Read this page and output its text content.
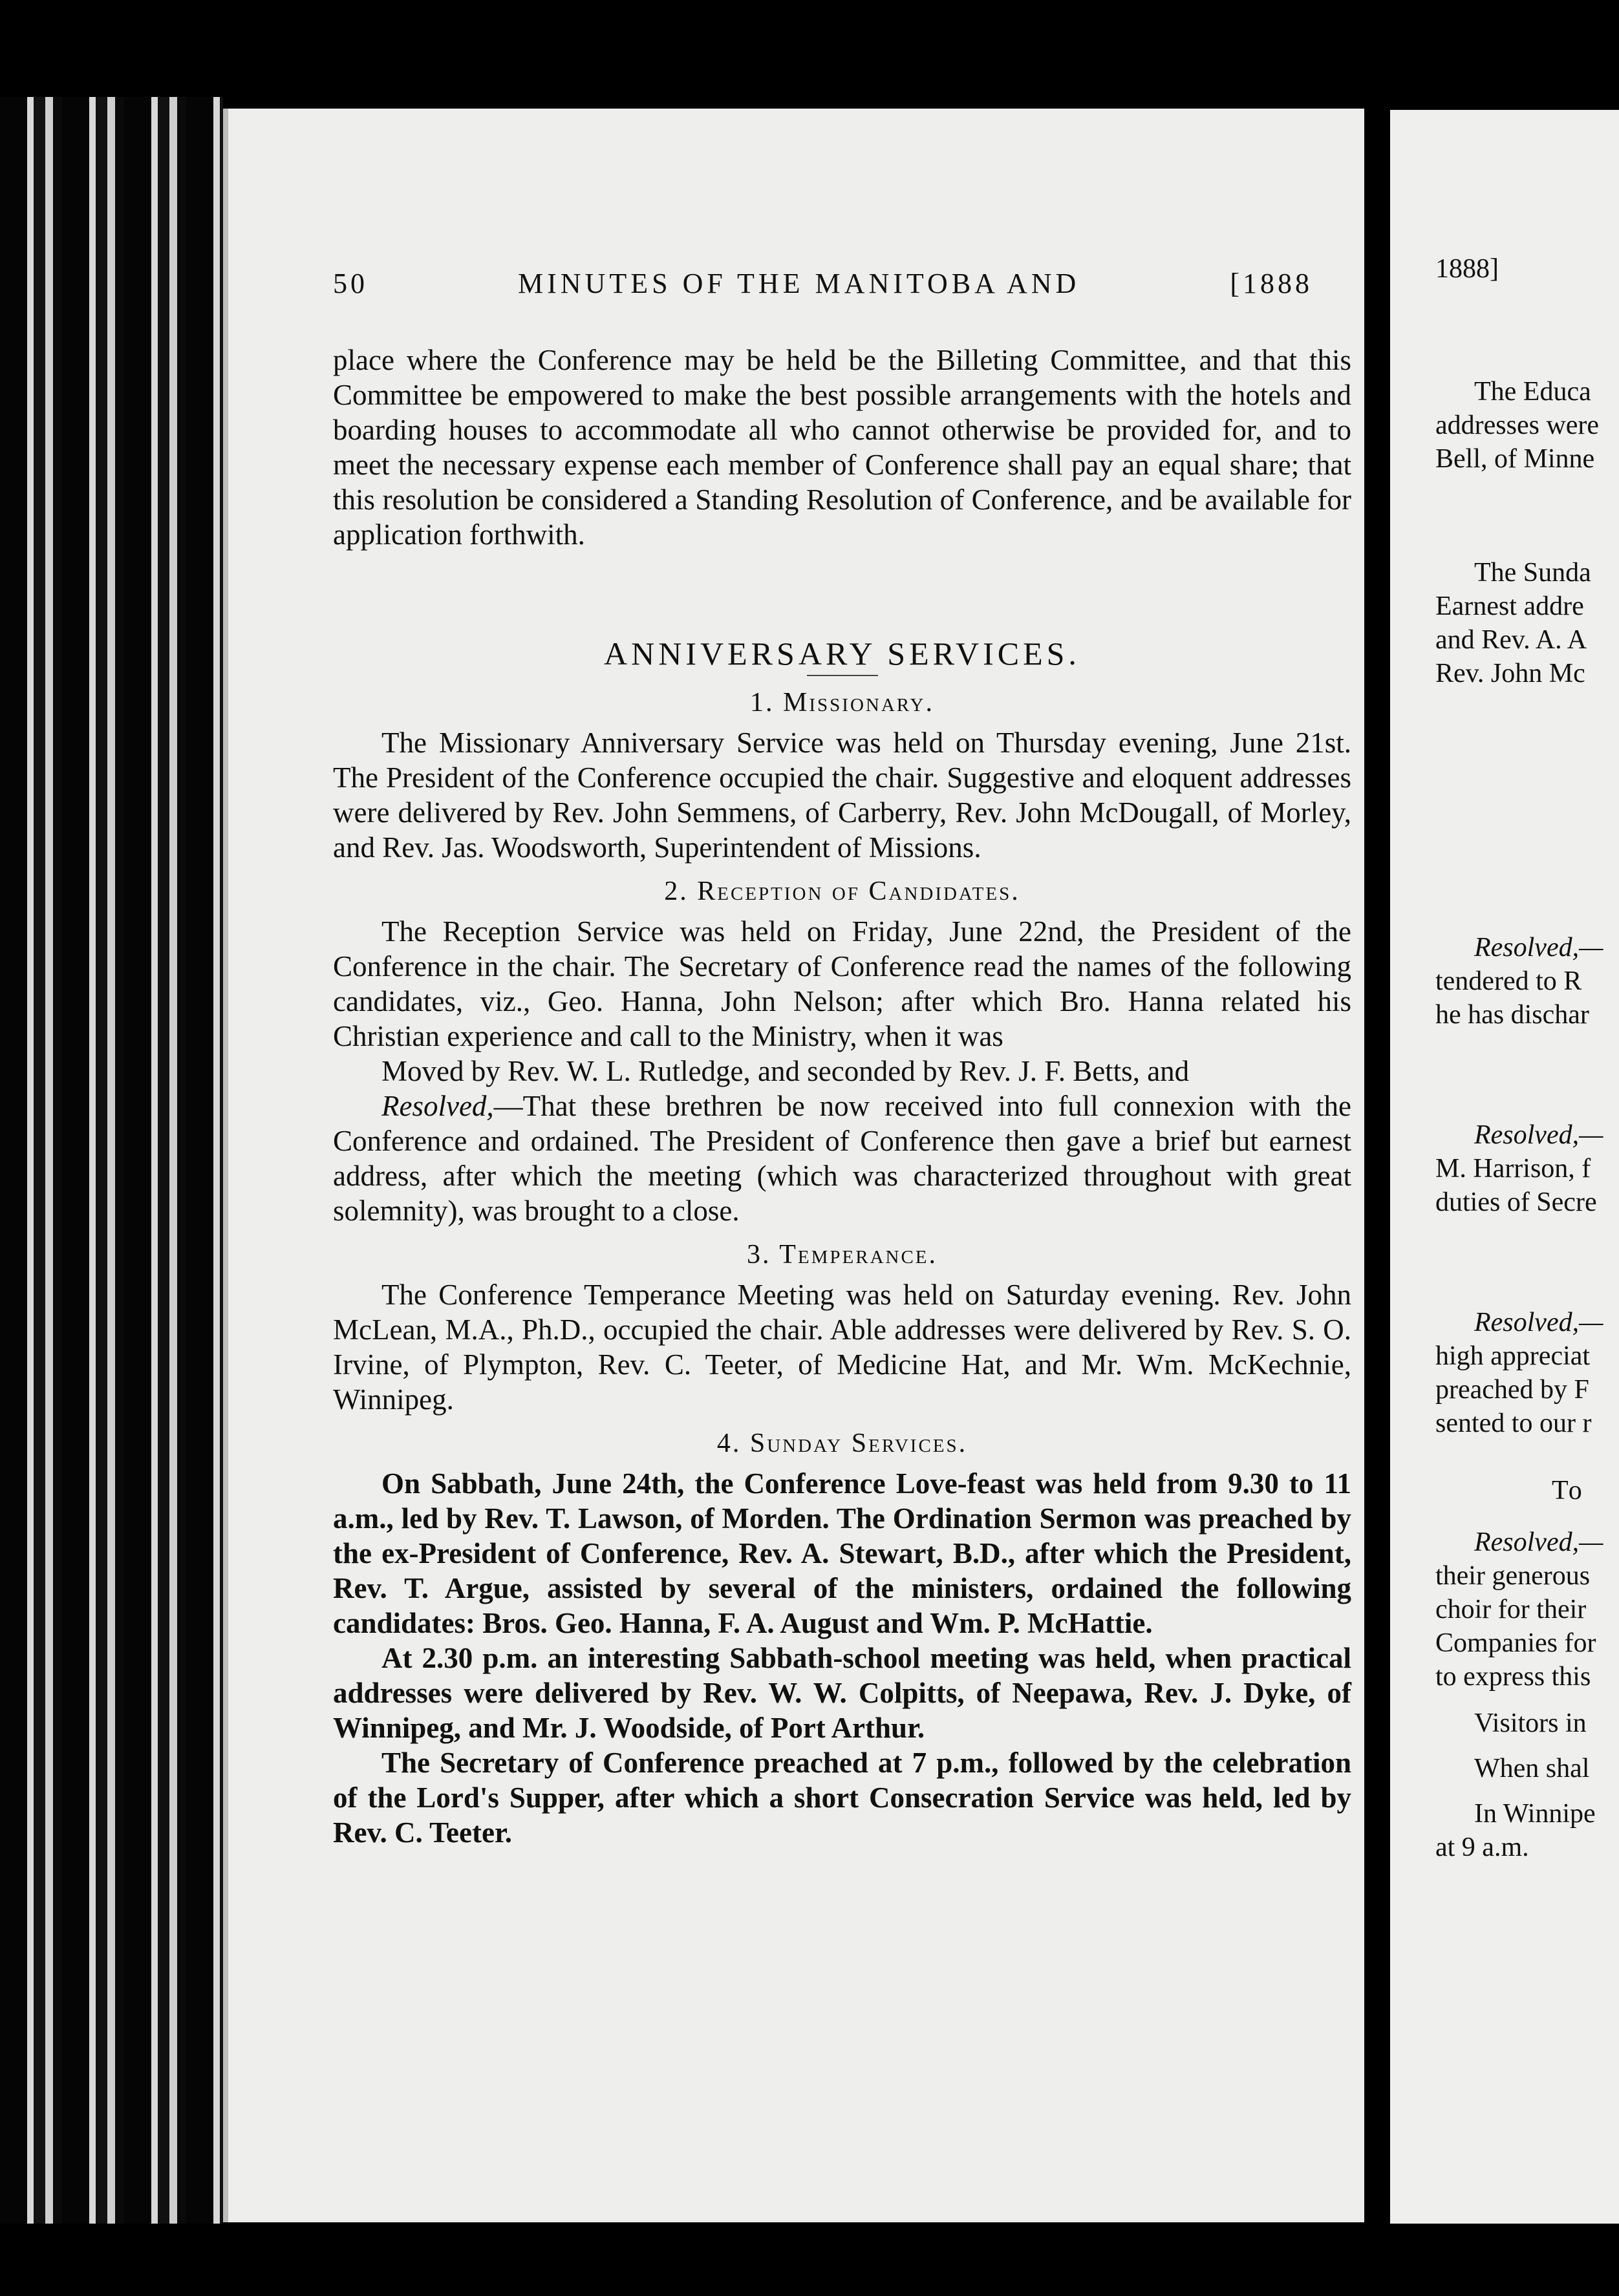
50	MINUTES OF THE MANITOBA AND	[1888

place where the Conference may be held be the Billeting Committee, and that this Committee be empowered to make the best possible arrangements with the hotels and boarding houses to accommodate all who cannot otherwise be provided for, and to meet the necessary expense each member of Conference shall pay an equal share; that this resolution be considered a Standing Resolution of Conference, and be available for application forthwith.

ANNIVERSARY SERVICES.
1. Missionary.

The Missionary Anniversary Service was held on Thursday evening, June 21st. The President of the Conference occupied the chair. Suggestive and eloquent addresses were delivered by Rev. John Semmens, of Carberry, Rev. John McDougall, of Morley, and Rev. Jas. Woodsworth, Superintendent of Missions.

2. Reception of Candidates.

The Reception Service was held on Friday, June 22nd, the President of the Conference in the chair. The Secretary of Conference read the names of the following candidates, viz., Geo. Hanna, John Nelson; after which Bro. Hanna related his Christian experience and call to the Ministry, when it was

Moved by Rev. W. L. Rutledge, and seconded by Rev. J. F. Betts, and

Resolved,—That these brethren be now received into full connexion with the Conference and ordained. The President of Conference then gave a brief but earnest address, after which the meeting (which was characterized throughout with great solemnity), was brought to a close.

3. Temperance.

The Conference Temperance Meeting was held on Saturday evening. Rev. John McLean, M.A., Ph.D., occupied the chair. Able addresses were delivered by Rev. S. O. Irvine, of Plympton, Rev. C. Teeter, of Medicine Hat, and Mr. Wm. McKechnie, Winnipeg.

4. Sunday Services.

On Sabbath, June 24th, the Conference Love-feast was held from 9.30 to 11 a.m., led by Rev. T. Lawson, of Morden. The Ordination Sermon was preached by the ex-President of Conference, Rev. A. Stewart, B.D., after which the President, Rev. T. Argue, assisted by several of the ministers, ordained the following candidates: Bros. Geo. Hanna, F. A. August and Wm. P. McHattie.

At 2.30 p.m. an interesting Sabbath-school meeting was held, when practical addresses were delivered by Rev. W. W. Colpitts, of Neepawa, Rev. J. Dyke, of Winnipeg, and Mr. J. Woodside, of Port Arthur.

The Secretary of Conference preached at 7 p.m., followed by the celebration of the Lord's Supper, after which a short Consecration Service was held, led by Rev. C. Teeter.

1888]
The Educa
addresses were
Bell, of Minne
The Sunda
Earnest addre
and Rev. A. A
Rev. John Mc
Resolved,—
tendered to R
he has dischar
Resolved,—
M. Harrison, f
duties of Secre
Resolved,—
high appreciat
preached by F
sented to our r
To
Resolved,—
their generous
choir for their
Companies for
to express this
Visitors in
When shal
In Winnipe
at 9 a.m.
